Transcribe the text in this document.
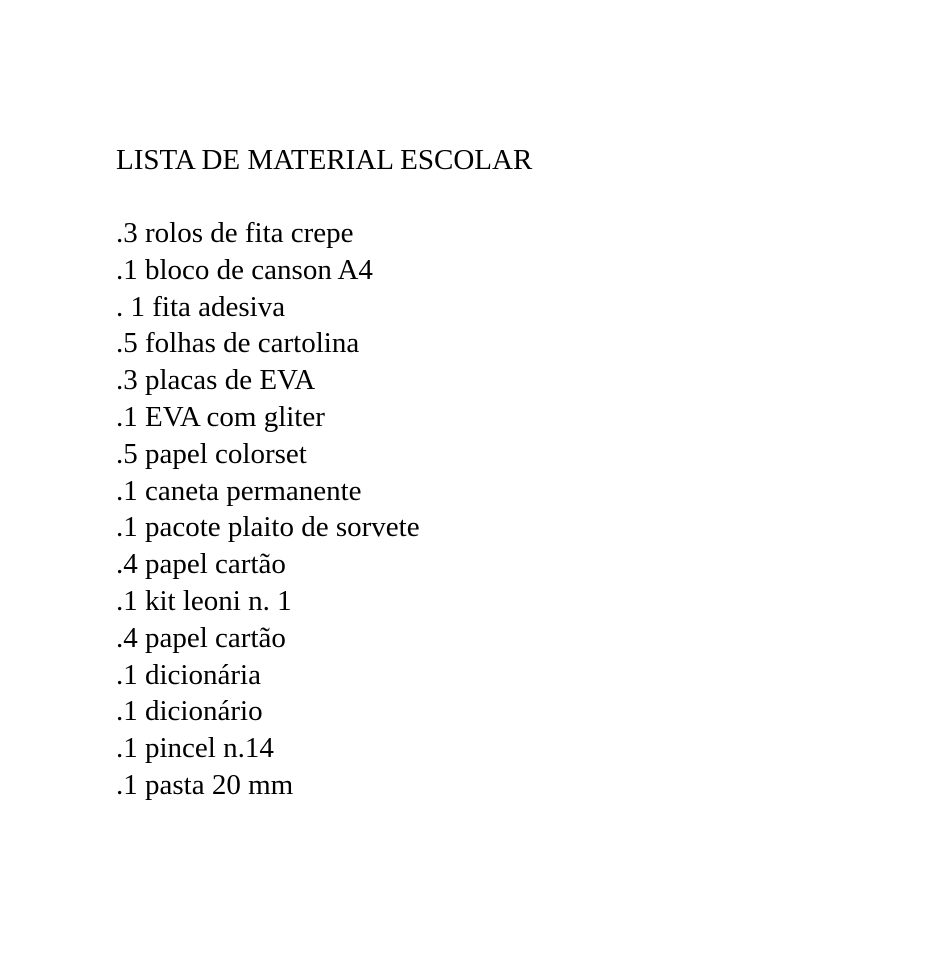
LISTA DE MATERIAL ESCOLAR
.3 rolos de fita crepe
.1 bloco de canson A4
. 1 fita adesiva
.5 folhas de cartolina
.3 placas de EVA
.1 EVA com gliter
.5 papel colorset
.1 caneta permanente
.1 pacote plaito de sorvete
.4 papel cartão
.1 kit leoni n. 1
.4 papel cartão
.1 dicionária
.1 dicionário
.1 pincel n.14
.1 pasta 20 mm
